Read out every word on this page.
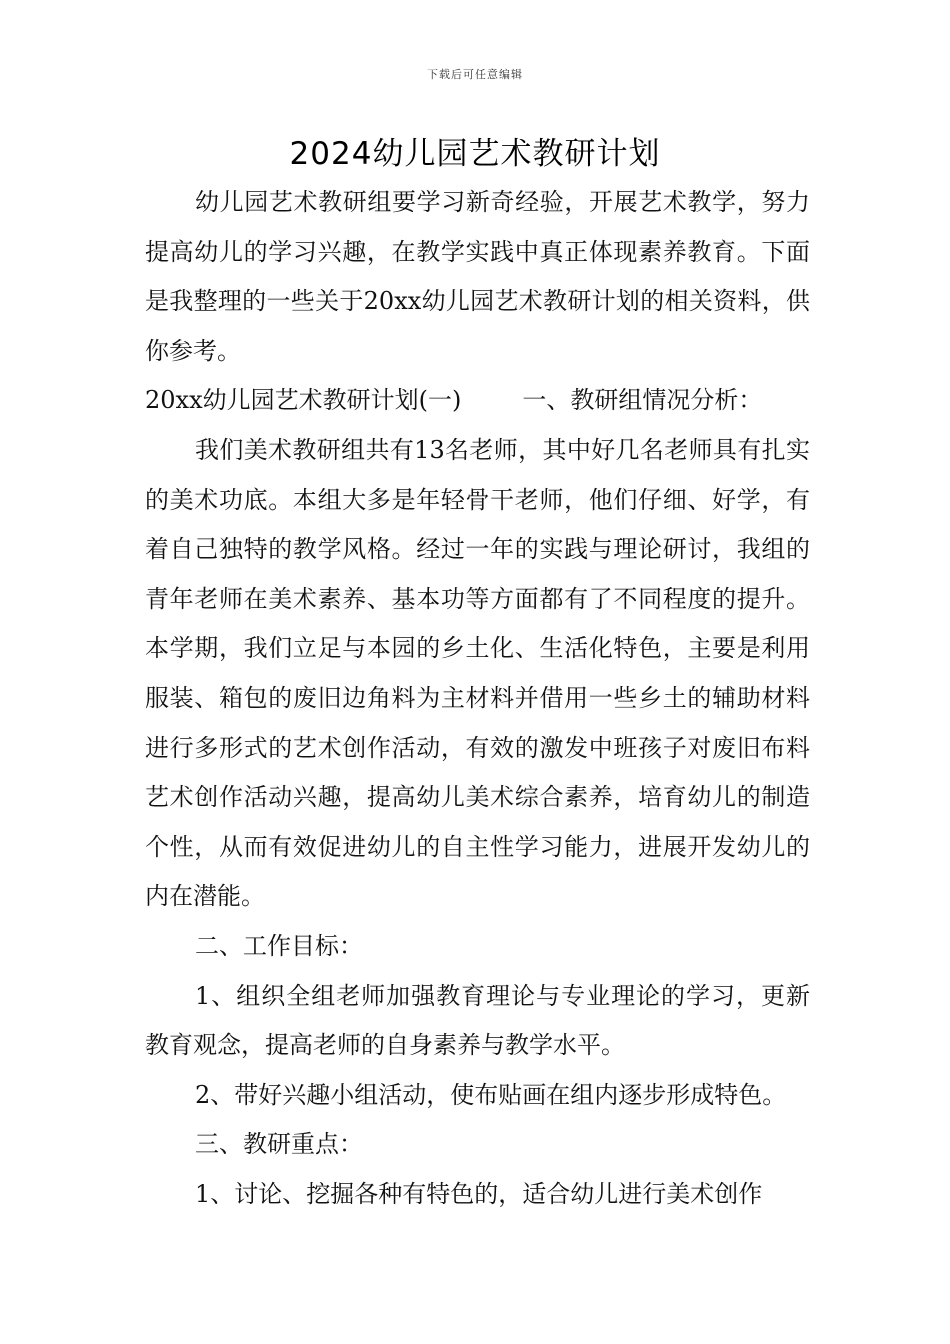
下载后可任意编辑
2024幼儿园艺术教研计划

幼儿园艺术教研组要学习新奇经验，开展艺术教学，努力提高幼儿的学习兴趣，在教学实践中真正体现素养教育。下面是我整理的一些关于20xx幼儿园艺术教研计划的相关资料，供你参考。

20xx幼儿园艺术教研计划(一)	一、教研组情况分析：

我们美术教研组共有13名老师，其中好几名老师具有扎实的美术功底。本组大多是年轻骨干老师，他们仔细、好学，有着自己独特的教学风格。经过一年的实践与理论研讨，我组的青年老师在美术素养、基本功等方面都有了不同程度的提升。本学期，我们立足与本园的乡土化、生活化特色，主要是利用服装、箱包的废旧边角料为主材料并借用一些乡土的辅助材料进行多形式的艺术创作活动，有效的激发中班孩子对废旧布料艺术创作活动兴趣，提高幼儿美术综合素养，培育幼儿的制造个性，从而有效促进幼儿的自主性学习能力，进展开发幼儿的内在潜能。

二、工作目标：

1、组织全组老师加强教育理论与专业理论的学习，更新教育观念，提高老师的自身素养与教学水平。

2、带好兴趣小组活动，使布贴画在组内逐步形成特色。

三、教研重点：

1、讨论、挖掘各种有特色的，适合幼儿进行美术创作
